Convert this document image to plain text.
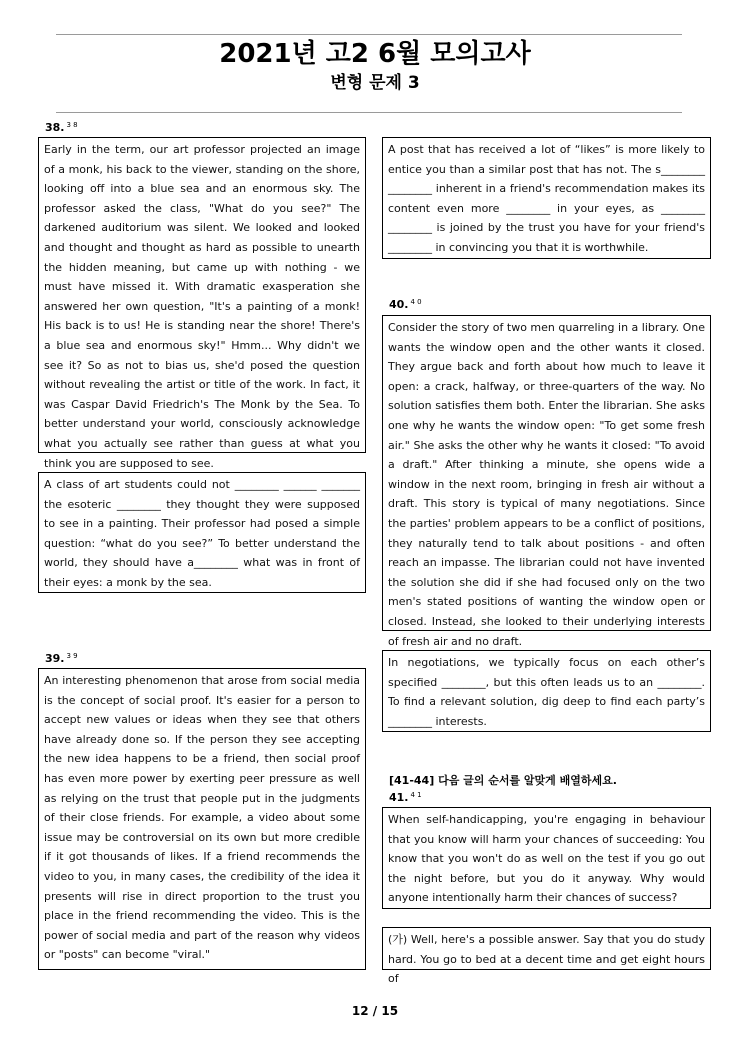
2021년 고2 6월 모의고사
변형 문제 3
38. $^{3 8}$
Early in the term, our art professor projected an image of a monk, his back to the viewer, standing on the shore, looking off into a blue sea and an enormous sky. The professor asked the class, "What do you see?" The darkened auditorium was silent. We looked and looked and thought and thought as hard as possible to unearth the hidden meaning, but came up with nothing - we must have missed it. With dramatic exasperation she answered her own question, "It's a painting of a monk! His back is to us! He is standing near the shore! There's a blue sea and enormous sky!" Hmm... Why didn't we see it? So as not to bias us, she'd posed the question without revealing the artist or title of the work. In fact, it was Caspar David Friedrich's The Monk by the Sea. To better understand your world, consciously acknowledge what you actually see rather than guess at what you think you are supposed to see.
A class of art students could not ________ ______ _______ the esoteric ________ they thought they were supposed to see in a painting. Their professor had posed a simple question: “what do you see?” To better understand the world, they should have a________ what was in front of their eyes: a monk by the sea.
39. $^{3 9}$
An interesting phenomenon that arose from social media is the concept of social proof. It's easier for a person to accept new values or ideas when they see that others have already done so. If the person they see accepting the new idea happens to be a friend, then social proof has even more power by exerting peer pressure as well as relying on the trust that people put in the judgments of their close friends. For example, a video about some issue may be controversial on its own but more credible if it got thousands of likes. If a friend recommends the video to you, in many cases, the credibility of the idea it presents will rise in direct proportion to the trust you place in the friend recommending the video. This is the power of social media and part of the reason why videos or "posts" can become "viral."
A post that has received a lot of “likes” is more likely to entice you than a similar post that has not. The s________ ________ inherent in a friend's recommendation makes its content even more ________ in your eyes, as ________ ________ is joined by the trust you have for your friend's ________ in convincing you that it is worthwhile.
40. $^{4 0}$
Consider the story of two men quarreling in a library. One wants the window open and the other wants it closed. They argue back and forth about how much to leave it open: a crack, halfway, or three-quarters of the way. No solution satisfies them both. Enter the librarian. She asks one why he wants the window open: "To get some fresh air." She asks the other why he wants it closed: "To avoid a draft." After thinking a minute, she opens wide a window in the next room, bringing in fresh air without a draft. This story is typical of many negotiations. Since the parties' problem appears to be a conflict of positions, they naturally tend to talk about positions - and often reach an impasse. The librarian could not have invented the solution she did if she had focused only on the two men's stated positions of wanting the window open or closed. Instead, she looked to their underlying interests of fresh air and no draft.
In negotiations, we typically focus on each other’s specified ________, but this often leads us to an ________. To find a relevant solution, dig deep to find each party’s ________ interests.
[41-44] 다음 글의 순서를 알맞게 배열하세요.
41. $^{4 1}$
When self-handicapping, you're engaging in behaviour that you know will harm your chances of succeeding: You know that you won't do as well on the test if you go out the night before, but you do it anyway. Why would anyone intentionally harm their chances of success?
(가) Well, here's a possible answer. Say that you do study hard. You go to bed at a decent time and get eight hours of
12 / 15
